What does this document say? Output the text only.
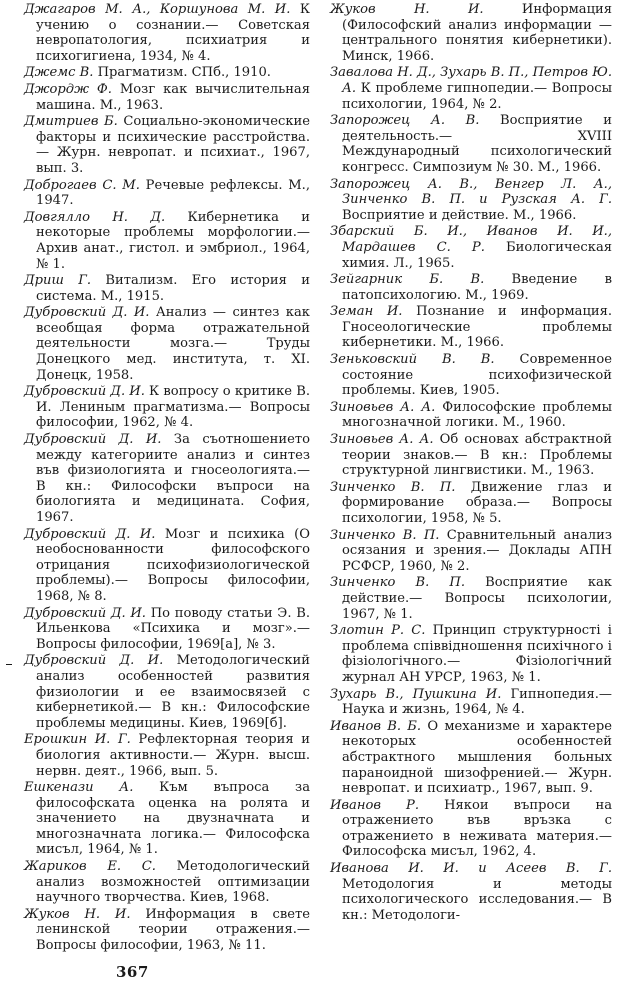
Джагаров М. А., Коршунова М. И. К учению о сознании.— Советская невропатология, психиатрия и психогигиена, 1934, № 4.

Джемс В. Прагматизм. СПб., 1910.

Джордж Ф. Мозг как вычислительная машина. М., 1963.

Дмитриев Б. Социально-экономические факторы и психические расстройства.— Журн. невропат. и психиат., 1967, вып. 3.

Доброгаев С. М. Речевые рефлексы. М., 1947.

Довгялло Н. Д. Кибернетика и некоторые проблемы морфологии.— Архив анат., гистол. и эмбриол., 1964, № 1.

Дриш Г. Витализм. Его история и система. М., 1915.

Дубровский Д. И. Анализ — синтез как всеобщая форма отражательной деятельности мозга.— Труды Донецкого мед. института, т. XI. Донецк, 1958.

Дубровский Д. И. К вопросу о критике В. И. Лениным прагматизма.— Вопросы философии, 1962, № 4.

Дубровский Д. И. За съотношението между категориите анализ и синтез във физиологията и гносеологията.— В кн.: Философски въпроси на биологията и медицината. София, 1967.

Дубровский Д. И. Мозг и психика (О необоснованности философского отрицания психофизиологической проблемы).— Вопросы философии, 1968, № 8.

Дубровский Д. И. По поводу статьи Э. В. Ильенкова «Психика и мозг».— Вопросы философии, 1969[а], № 3.

Дубровский Д. И. Методологический анализ особенностей развития физиологии и ее взаимосвязей с кибернетикой.— В кн.: Философские проблемы медицины. Киев, 1969[б].

Ерошкин И. Г. Рефлекторная теория и биология активности.— Журн. высш. нервн. деят., 1966, вып. 5.

Ешкенази А. Към въпроса за философската оценка на ролята и значението на двузначната и многозначната логика.— Философска мисъл, 1964, № 1.

Жариков Е. С. Методологический анализ возможностей оптимизации научного творчества. Киев, 1968.

Жуков Н. И. Информация в свете ленинской теории отражения.— Вопросы философии, 1963, № 11.

Жуков Н. И. Информация (Философский анализ информации — центрального понятия кибернетики). Минск, 1966.

Завалова Н. Д., Зухарь В. П., Петров Ю. А. К проблеме гипнопедии.— Вопросы психологии, 1964, № 2.

Запорожец А. В. Восприятие и деятельность.— XVIII Международный психологический конгресс. Симпозиум № 30. М., 1966.

Запорожец А. В., Венгер Л. А., Зинченко В. П. и Рузская А. Г. Восприятие и действие. М., 1966.

Збарский Б. И., Иванов И. И., Мардашев С. Р. Биологическая химия. Л., 1965.

Зейгарник Б. В. Введение в патопсихологию. М., 1969.

Земан И. Познание и информация. Гносеологические проблемы кибернетики. М., 1966.

Зеньковский В. В. Современное состояние психофизической проблемы. Киев, 1905.

Зиновьев А. А. Философские проблемы многозначной логики. М., 1960.

Зиновьев А. А. Об основах абстрактной теории знаков.— В кн.: Проблемы структурной лингвистики. М., 1963.

Зинченко В. П. Движение глаз и формирование образа.— Вопросы психологии, 1958, № 5.

Зинченко В. П. Сравнительный анализ осязания и зрения.— Доклады АПН РСФСР, 1960, № 2.

Зинченко В. П. Восприятие как действие.— Вопросы психологии, 1967, № 1.

Злотин Р. С. Принцип структурності і проблема співвідношення психічного і фізіологічного.— Фізіологічний журнал АН УРСР, 1963, № 1.

Зухарь В., Пушкина И. Гипнопедия.— Наука и жизнь, 1964, № 4.

Иванов В. Б. О механизме и характере некоторых особенностей абстрактного мышления больных параноидной шизофренией.— Журн. невропат. и психиатр., 1967, вып. 9.

Иванов Р. Някои въпроси на отражението във връзка с отражението в неживата материя.— Философска мисъл, 1962, 4.

Иванова И. И. и Асеев В. Г. Методология и методы психологического исследования.— В кн.: Методологи-

367
